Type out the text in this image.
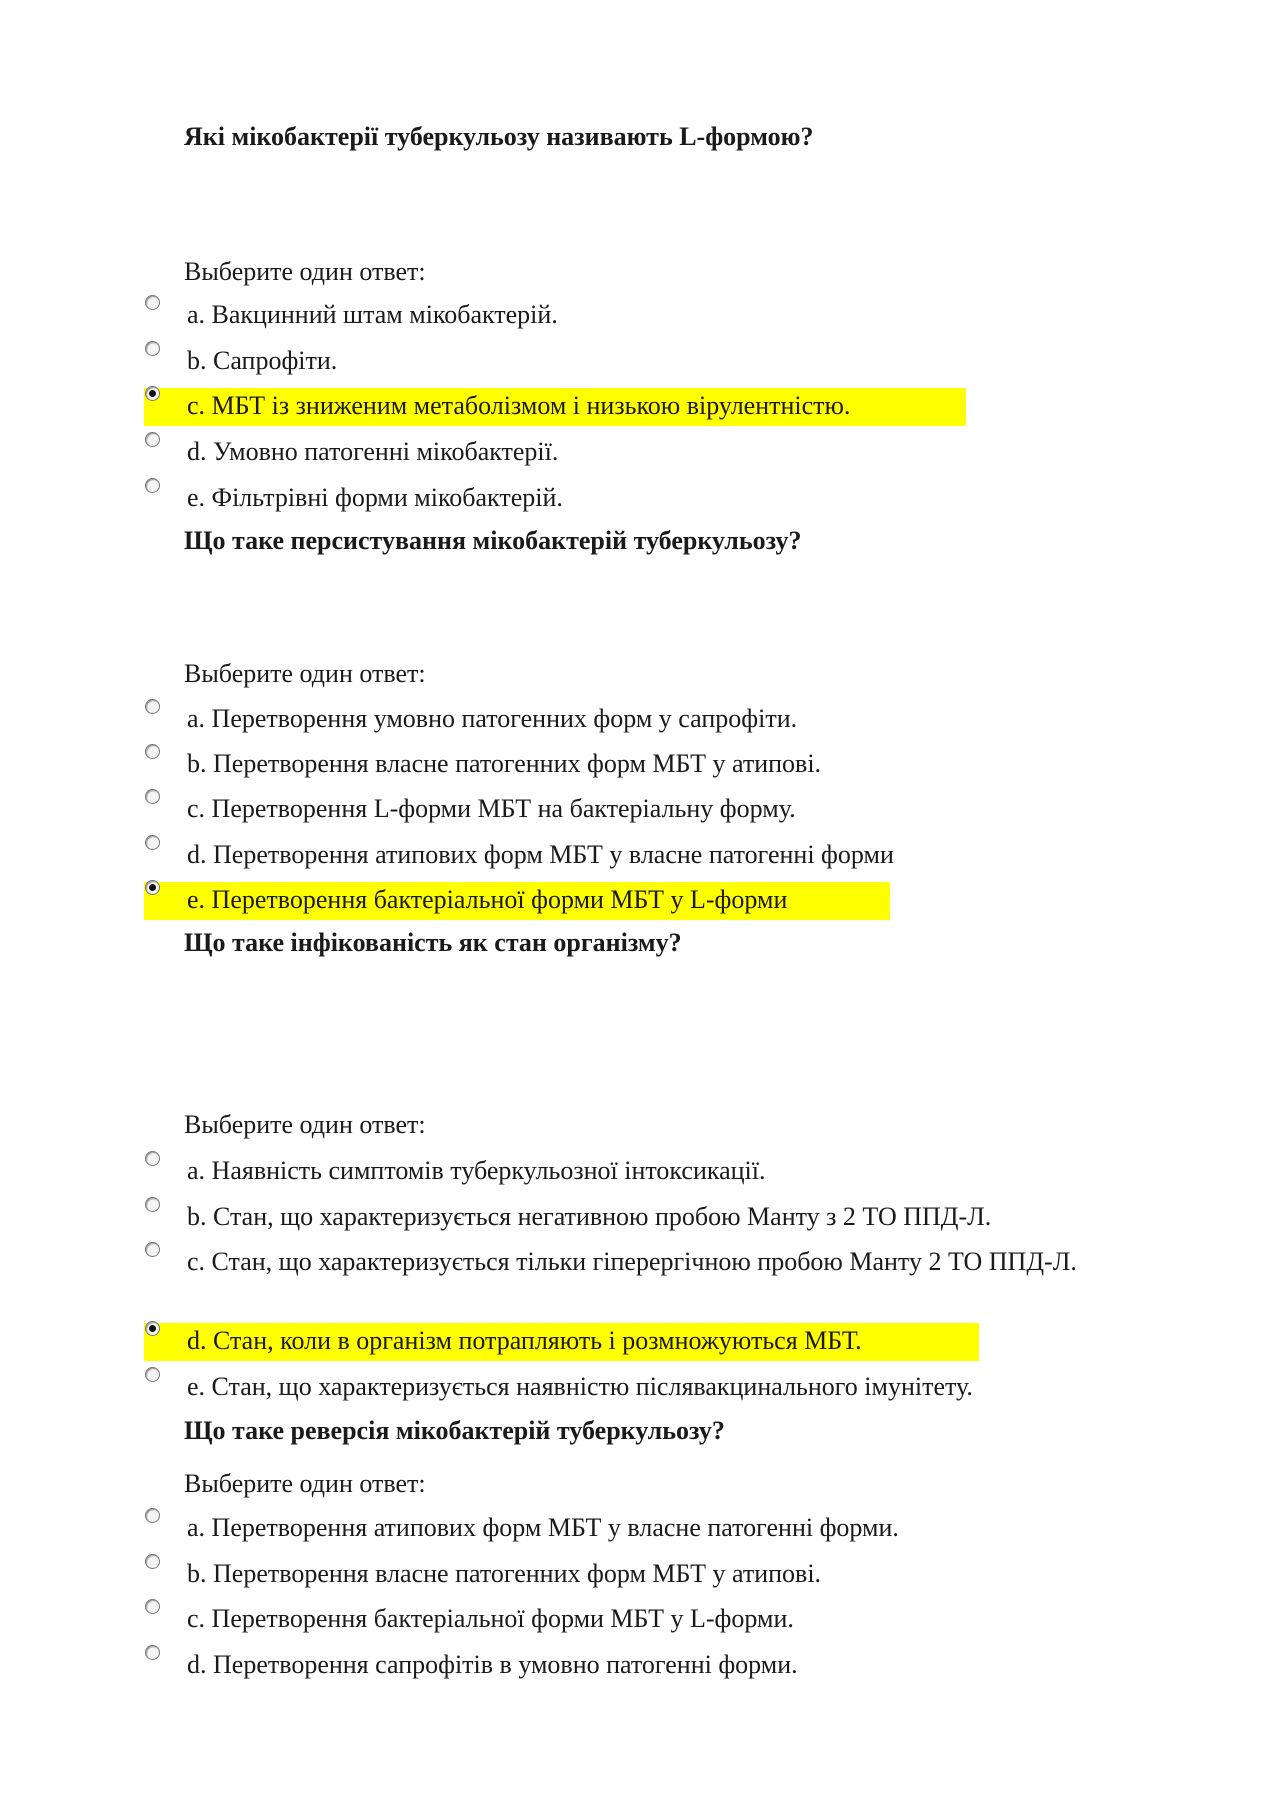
Які мікобактерії туберкульозу називають L-формою?
Выберите один ответ:
a. Вакцинний штам мікобактерій.
b. Сапрофіти.
c. МБТ із зниженим метаболізмом і низькою вірулентністю.
d. Умовно патогенні мікобактерії.
e. Фільтрівні форми мікобактерій.
Що таке персистування мікобактерій туберкульозу?
Выберите один ответ:
a. Перетворення умовно патогенних форм у сапрофіти.
b. Перетворення власне патогенних форм МБТ у атипові.
c. Перетворення L-форми МБТ на бактеріальну форму.
d. Перетворення атипових форм МБТ у власне патогенні форми
e. Перетворення бактеріальної форми МБТ у L-форми
Що таке інфікованість як стан організму?
Выберите один ответ:
a. Наявність симптомів туберкульозної інтоксикації.
b. Стан, що характеризується негативною пробою Манту з 2 ТО ППД-Л.
c. Стан, що характеризується тільки гіперергічною пробою Манту 2 ТО ППД-Л.
d. Стан, коли в організм потрапляють і розмножуються МБТ.
e. Стан, що характеризується наявністю післявакцинального імунітету.
Що таке реверсія мікобактерій туберкульозу?
Выберите один ответ:
a. Перетворення атипових форм МБТ у власне патогенні форми.
b. Перетворення власне патогенних форм МБТ у атипові.
c. Перетворення бактеріальної форми МБТ у L-форми.
d. Перетворення сапрофітів в умовно патогенні форми.
